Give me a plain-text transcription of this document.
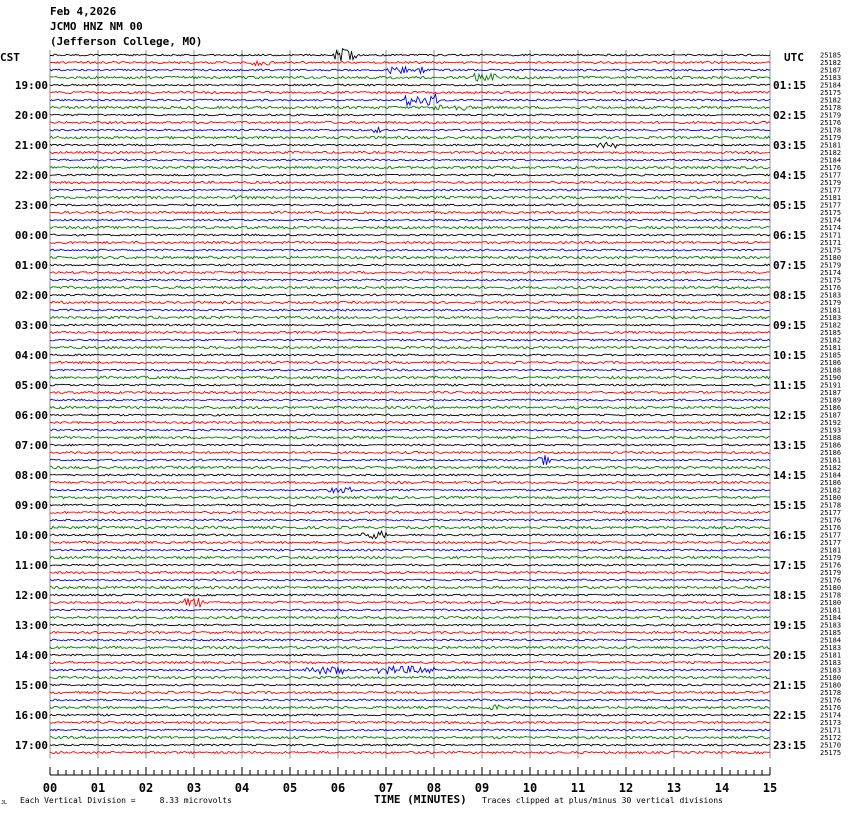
00	01	02	03	04	05	06	07	08	09	10	11	12	13	14	15
19:00
20:00
21:00
22:00
23:00
00:00
01:00
02:00
03:00
04:00
05:00
06:00
07:00
08:00
09:00
10:00
11:00
12:00
13:00
14:00
15:00
16:00
17:00
01:15
02:15
03:15
04:15
05:15
06:15
07:15
08:15
09:15
10:15
11:15
12:15
13:15
14:15
15:15
16:15
17:15
18:15
19:15
20:15
21:15
22:15
23:15
25185
25182
25187
25183
25184
25175
25182
25178
25179
25176
25178
25179
25181
25182
25184
25176
25177
25179
25177
25181
25177
25175
25174
25174
25171
25171
25175
25180
25179
25174
25175
25176
25183
25179
25181
25183
25182
25185
25182
25181
25185
25186
25188
25190
25191
25187
25189
25186
25187
25192
25193
25188
25186
25186
25181
25182
25184
25186
25182
25180
25178
25177
25176
25176
25177
25177
25181
25179
25176
25179
25176
25180
25178
25180
25181
25184
25183
25185
25184
25183
25181
25183
25183
25180
25180
25178
25176
25176
25174
25173
25171
25172
25170
25175
Feb 4,2026
JCMO HNZ NM 00
(Jefferson College, MO)
CST	UTC
TIME (MINUTES)
Each Vertical Division =     8.33 microvolts	Traces clipped at plus/minus 30 vertical divisions
JL
